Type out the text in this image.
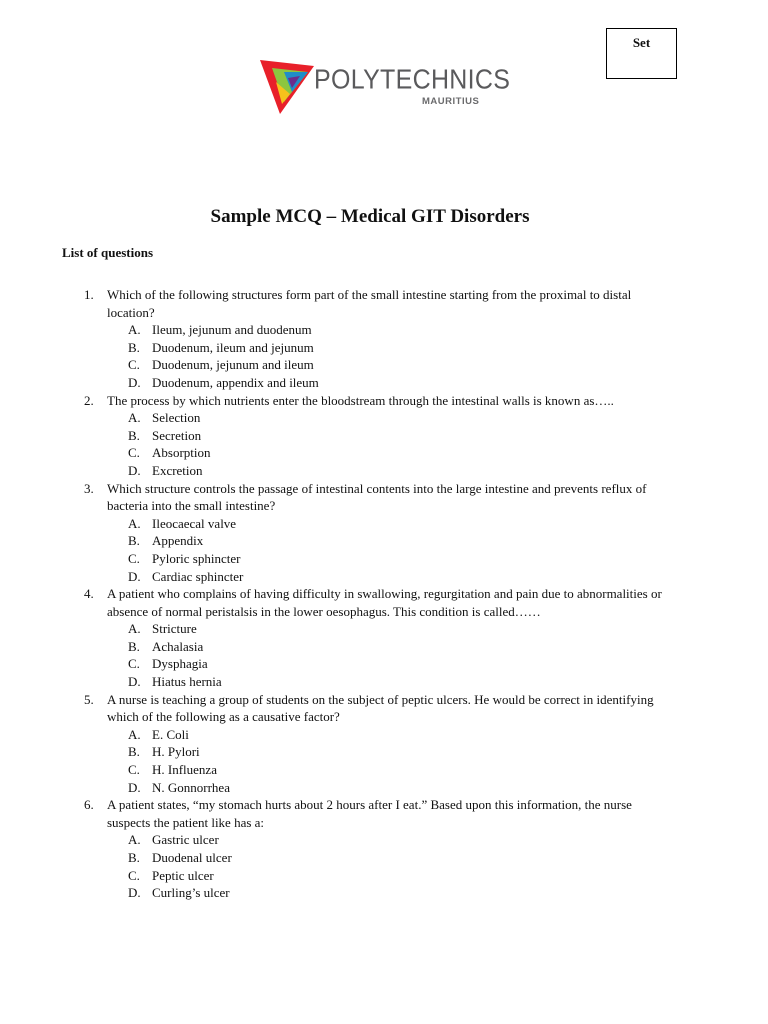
Set
POLYTECHNICS
MAURITIUS
Sample MCQ – Medical GIT Disorders
List of questions
1. Which of the following structures form part of the small intestine starting from the proximal to distal location?
A. Ileum, jejunum and duodenum
B. Duodenum, ileum and jejunum
C. Duodenum, jejunum and ileum
D. Duodenum, appendix and ileum
2. The process by which nutrients enter the bloodstream through the intestinal walls is known as…..
A. Selection
B. Secretion
C. Absorption
D. Excretion
3. Which structure controls the passage of intestinal contents into the large intestine and prevents reflux of bacteria into the small intestine?
A. Ileocaecal valve
B. Appendix
C. Pyloric sphincter
D. Cardiac sphincter
4. A patient who complains of having difficulty in swallowing, regurgitation and pain due to abnormalities or absence of normal peristalsis in the lower oesophagus. This condition is called……
A. Stricture
B. Achalasia
C. Dysphagia
D. Hiatus hernia
5. A nurse is teaching a group of students on the subject of peptic ulcers. He would be correct in identifying which of the following as a causative factor?
A. E. Coli
B. H. Pylori
C. H. Influenza
D. N. Gonnorrhea
6. A patient states, “my stomach hurts about 2 hours after I eat.” Based upon this information, the nurse suspects the patient like has a:
A. Gastric ulcer
B. Duodenal ulcer
C. Peptic ulcer
D. Curling’s ulcer
